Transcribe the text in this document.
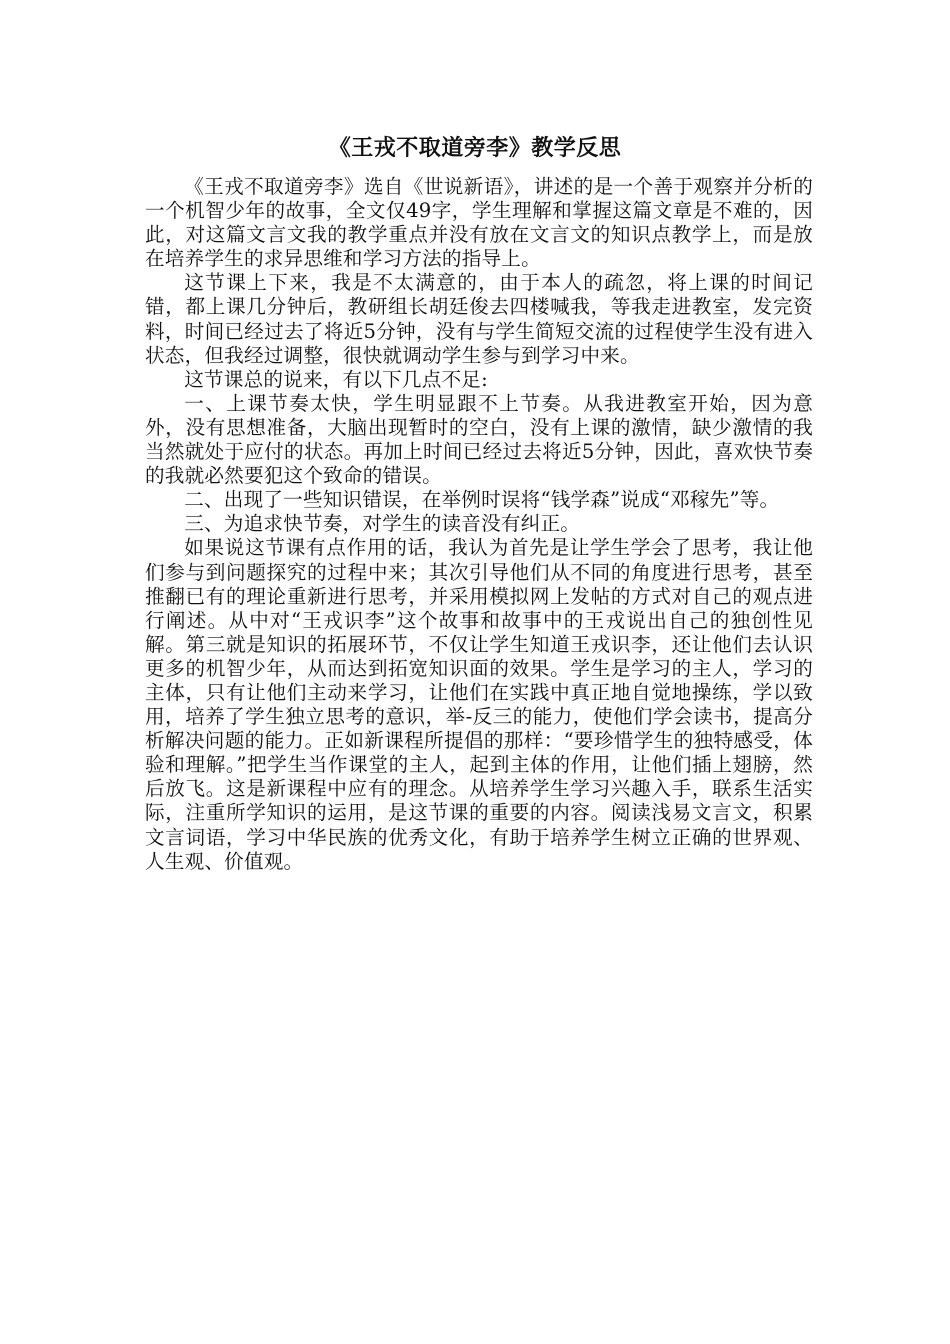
《王戎不取道旁李》教学反思

《王戎不取道旁李》选自《世说新语》，讲述的是一个善于观察并分析的一个机智少年的故事，全文仅49字，学生理解和掌握这篇文章是不难的，因此，对这篇文言文我的教学重点并没有放在文言文的知识点教学上，而是放在培养学生的求异思维和学习方法的指导上。

这节课上下来，我是不太满意的，由于本人的疏忽，将上课的时间记错，都上课几分钟后，教研组长胡廷俊去四楼喊我，等我走进教室，发完资料，时间已经过去了将近5分钟，没有与学生简短交流的过程使学生没有进入状态，但我经过调整，很快就调动学生参与到学习中来。

这节课总的说来，有以下几点不足:

一、上课节奏太快，学生明显跟不上节奏。从我进教室开始，因为意外，没有思想准备，大脑出现暂时的空白，没有上课的激情，缺少激情的我当然就处于应付的状态。再加上时间已经过去将近5分钟，因此，喜欢快节奏的我就必然要犯这个致命的错误。

二、出现了一些知识错误，在举例时误将“钱学森”说成“邓稼先”等。

三、为追求快节奏，对学生的读音没有纠正。

如果说这节课有点作用的话，我认为首先是让学生学会了思考，我让他们参与到问题探究的过程中来；其次引导他们从不同的角度进行思考，甚至推翻已有的理论重新进行思考，并采用模拟网上发帖的方式对自己的观点进行阐述。从中对“王戎识李”这个故事和故事中的王戎说出自己的独创性见解。第三就是知识的拓展环节，不仅让学生知道王戎识李，还让他们去认识更多的机智少年，从而达到拓宽知识面的效果。学生是学习的主人，学习的主体，只有让他们主动来学习，让他们在实践中真正地自觉地操练，学以致用，培养了学生独立思考的意识，举-反三的能力，使他们学会读书，提高分析解决问题的能力。正如新课程所提倡的那样：“要珍惜学生的独特感受，体验和理解。”把学生当作课堂的主人，起到主体的作用，让他们插上翅膀，然后放飞。这是新课程中应有的理念。从培养学生学习兴趣入手，联系生活实际，注重所学知识的运用，是这节课的重要的内容。阅读浅易文言文，积累文言词语，学习中华民族的优秀文化，有助于培养学生树立正确的世界观、人生观、价值观。
